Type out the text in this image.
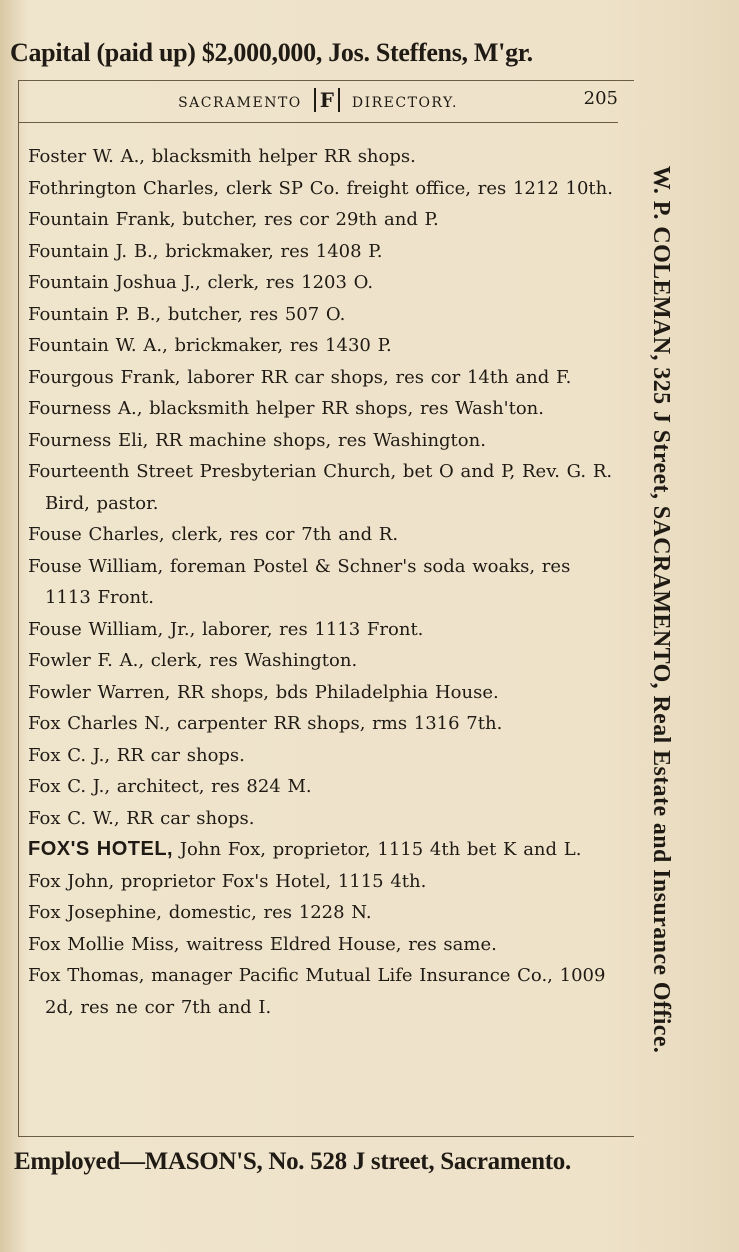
Capital (paid up) $2,000,000, Jos. Steffens, M'gr.
SACRAMENTO F DIRECTORY.	205
Foster W. A., blacksmith helper RR shops.
Fothrington Charles, clerk SP Co. freight office, res 1212 10th.
Fountain Frank, butcher, res cor 29th and P.
Fountain J. B., brickmaker, res 1408 P.
Fountain Joshua J., clerk, res 1203 O.
Fountain P. B., butcher, res 507 O.
Fountain W. A., brickmaker, res 1430 P.
Fourgous Frank, laborer RR car shops, res cor 14th and F.
Fourness A., blacksmith helper RR shops, res Wash'ton.
Fourness Eli, RR machine shops, res Washington.
Fourteenth Street Presbyterian Church, bet O and P, Rev. G. R. Bird, pastor.
Fouse Charles, clerk, res cor 7th and R.
Fouse William, foreman Postel & Schner's soda woaks, res 1113 Front.
Fouse William, Jr., laborer, res 1113 Front.
Fowler F. A., clerk, res Washington.
Fowler Warren, RR shops, bds Philadelphia House.
Fox Charles N., carpenter RR shops, rms 1316 7th.
Fox C. J., RR car shops.
Fox C. J., architect, res 824 M.
Fox C. W., RR car shops.
FOX'S HOTEL, John Fox, proprietor, 1115 4th bet K and L.
Fox John, proprietor Fox's Hotel, 1115 4th.
Fox Josephine, domestic, res 1228 N.
Fox Mollie Miss, waitress Eldred House, res same.
Fox Thomas, manager Pacific Mutual Life Insurance Co., 1009 2d, res ne cor 7th and I.	W. P. COLEMAN, 325 J Street, SACRAMENTO, Real Estate and Insurance Office.
Employed—MASON'S, No. 528 J street, Sacramento.
